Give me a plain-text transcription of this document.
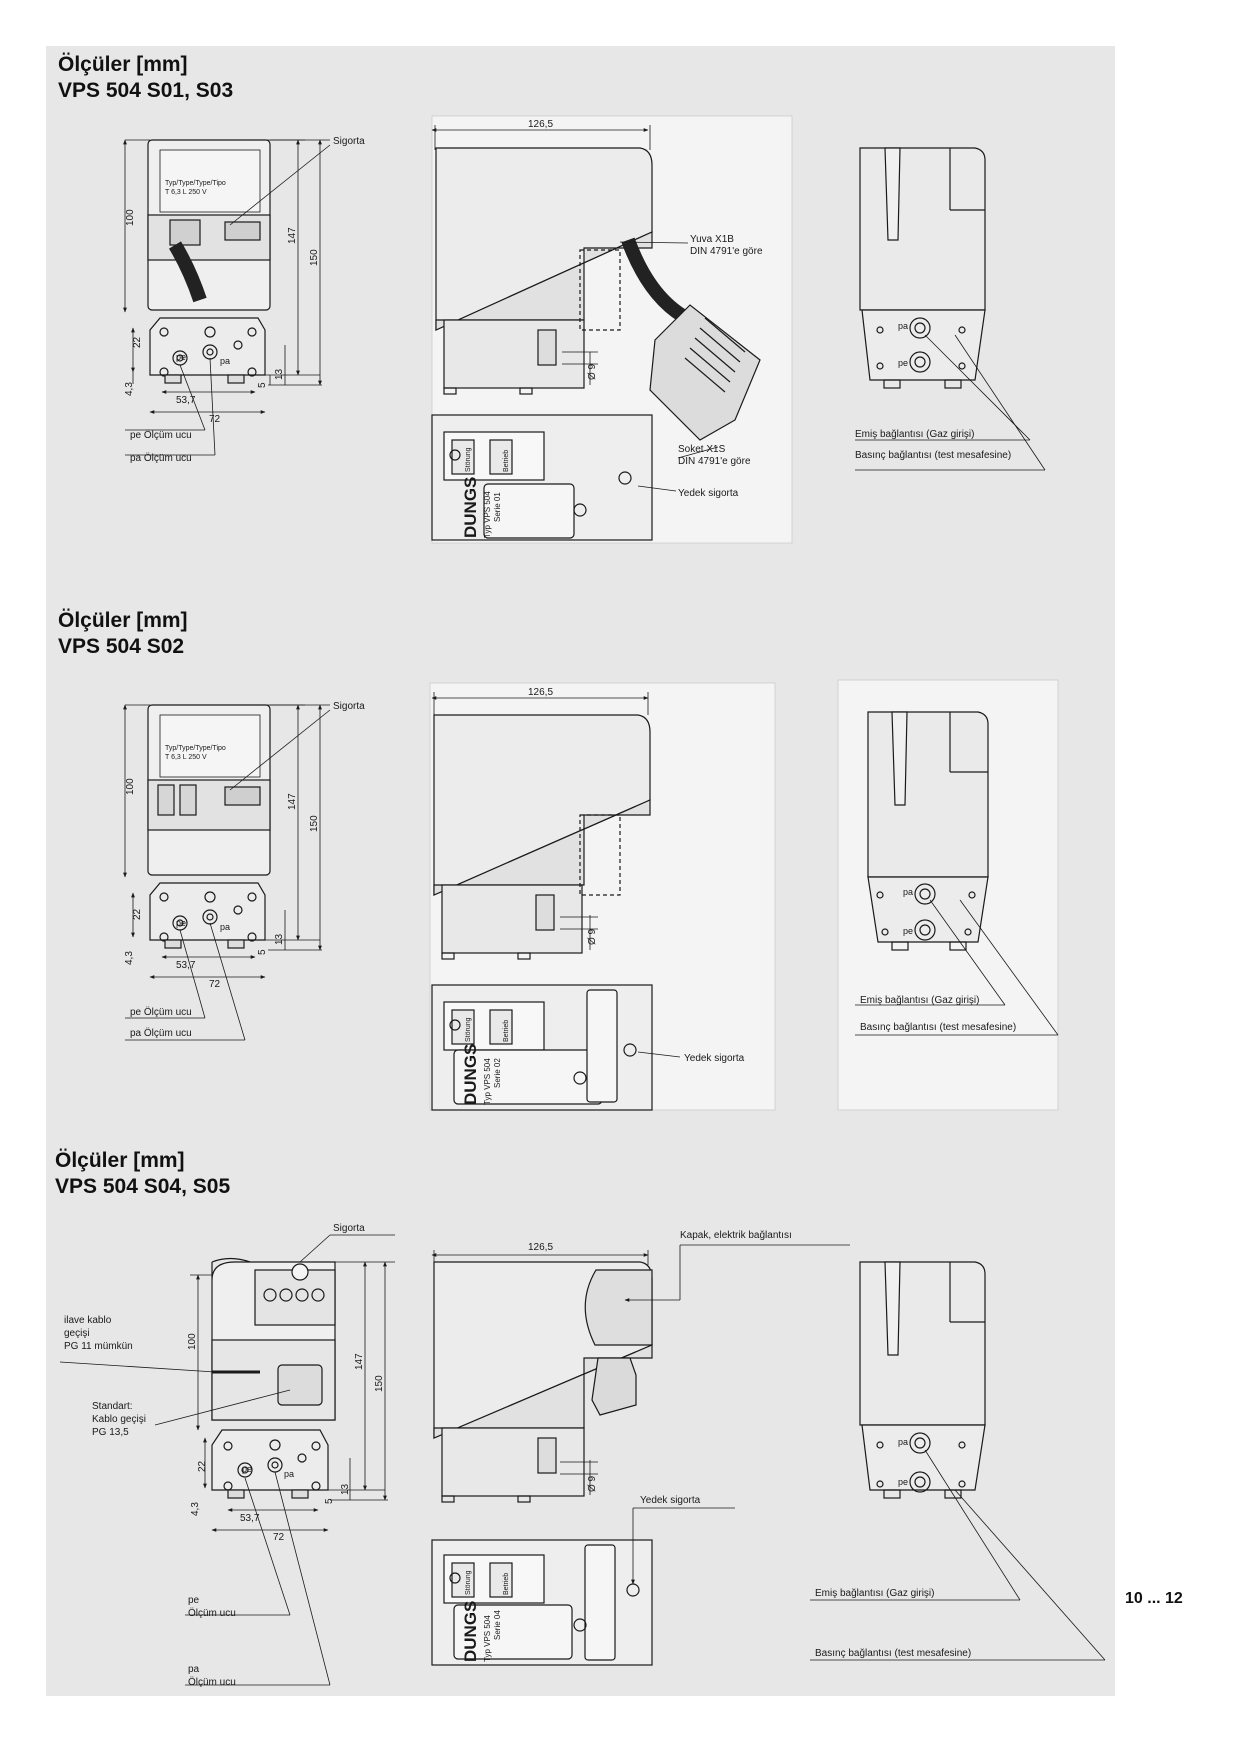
Ölçüler [mm]
VPS 504 S01, S03
Ölçüler [mm]
VPS 504 S02
Ölçüler [mm]
VPS 504 S04, S05
Sigorta
Typ/Type/Type/Tipo
T 6,3 L 250 V
100
147
150
22
4,3
53,7
72
5
13
pe	pa
pe Ölçüm ucu
pa Ölçüm ucu
126,5
Ø 9
Yuva X1B
DIN 4791'e göre
Soket X1S
DIN 4791'e göre
Yedek sigorta
DUNGS Typ VPS 504 Serie 01
Störung	Betrieb
pa
pe
Emiş bağlantısı (Gaz girişi)
Basınç bağlantısı (test mesafesine)
Sigorta
Typ/Type/Type/Tipo
T 6,3 L 250 V
100
147
150
22
4,3
53,7
72
5
13
pe	pa
pe Ölçüm ucu
pa Ölçüm ucu
126,5
Ø 9
Yedek sigorta
DUNGS Typ VPS 504 Serie 02
Störung	Betrieb
pa
pe
Emiş bağlantısı (Gaz girişi)
Basınç bağlantısı (test mesafesine)
Sigorta
ilave kablo
geçişi
PG 11 mümkün
Standart:
Kablo geçişi
PG 13,5
100
147
150
22
4,3
53,7
72
5
13
pe	pa
pe
Ölçüm ucu
pa
Ölçüm ucu
126,5
Ø 9
Kapak, elektrik bağlantısı
Yedek sigorta
DUNGS Typ VPS 504 Serie 04
Störung	Betrieb
pa
pe
Emiş bağlantısı (Gaz girişi)
Basınç bağlantısı (test mesafesine)
10 ... 12
